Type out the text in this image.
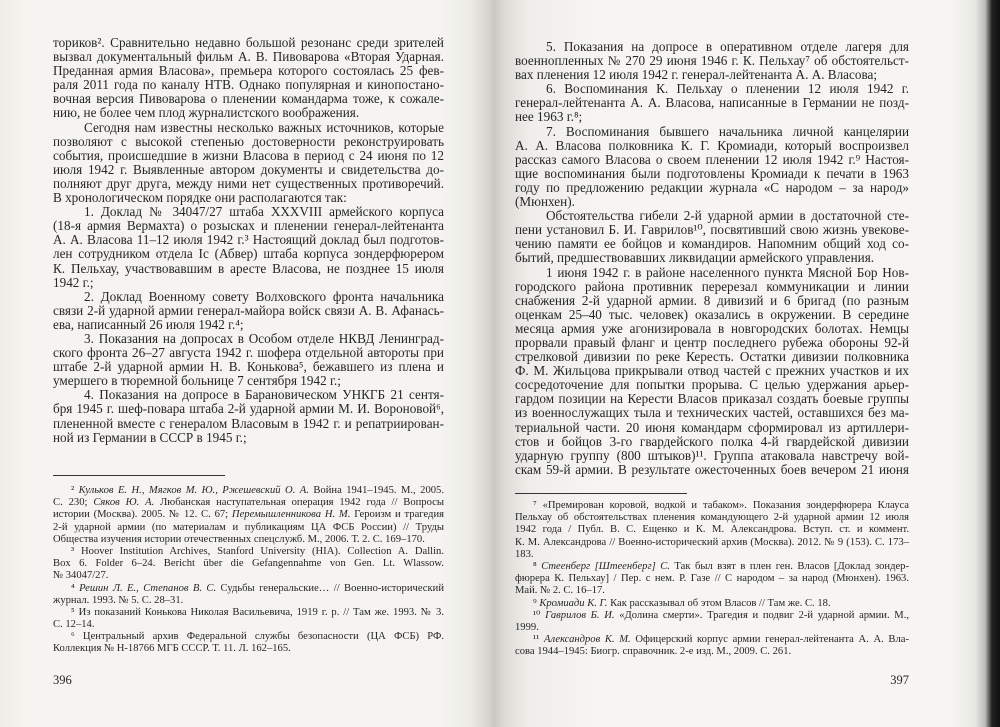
ториков². Сравнительно недавно большой резонанс среди зрителей
вызвал документальный фильм А. В. Пивоварова «Вторая Ударная.
Преданная армия Власова», премьера которого состоялась 25 фев-
раля 2011 года по каналу НТВ. Однако популярная и кинопостано-
вочная версия Пивоварова о пленении командарма тоже, к сожале-
нию, не более чем плод журналистского воображения.
Сегодня нам известны несколько важных источников, которые
позволяют с высокой степенью достоверности реконструировать
события, происшедшие в жизни Власова в период с 24 июня по 12
июля 1942 г. Выявленные автором документы и свидетельства до-
полняют друг друга, между ними нет существенных противоречий.
В хронологическом порядке они располагаются так:
1. Доклад № 34047/27 штаба XXXVIII армейского корпуса
(18-я армия Вермахта) о розысках и пленении генерал-лейтенанта
А. А. Власова 11–12 июля 1942 г.³ Настоящий доклад был подготов-
лен сотрудником отдела Ic (Абвер) штаба корпуса зондерфюрером
К. Пельхау, участвовавшим в аресте Власова, не позднее 15 июля
1942 г.;
2. Доклад Военному совету Волховского фронта начальника
связи 2-й ударной армии генерал-майора войск связи А. В. Афанась-
ева, написанный 26 июля 1942 г.⁴;
3. Показания на допросах в Особом отделе НКВД Ленинград-
ского фронта 26–27 августа 1942 г. шофера отдельной автороты при
штабе 2-й ударной армии Н. В. Конькова⁵, бежавшего из плена и
умершего в тюремной больнице 7 сентября 1942 г.;
4. Показания на допросе в Барановическом УНКГБ 21 сентя-
бря 1945 г. шеф-повара штаба 2-й ударной армии М. И. Вороновой⁶,
плененной вместе с генералом Власовым в 1942 г. и репатриирован-
ной из Германии в СССР в 1945 г.;
² Кульков Е. Н., Мягков М. Ю., Ржешевский О. А. Война 1941–1945. М., 2005.
С. 230; Сяков Ю. А. Любанская наступательная операция 1942 года // Вопросы
истории (Москва). 2005. № 12. С. 67; Перемышленникова Н. М. Героизм и трагедия
2-й ударной армии (по материалам и публикациям ЦА ФСБ России) // Труды
Общества изучения истории отечественных спецслужб. М., 2006. Т. 2. С. 169–170.
³ Hoover Institution Archives, Stanford University (HIA). Collection A. Dallin.
Box 6. Folder 6–24. Bericht über die Gefangennahme von Gen. Lt. Wlassow.
№ 34047/27.
⁴ Решин Л. Е., Степанов В. С. Судьбы генеральские… // Военно-исторический
журнал. 1993. № 5. С. 28–31.
⁵ Из показаний Конькова Николая Васильевича, 1919 г. р. // Там же. 1993. № 3.
С. 12–14.
⁶ Центральный архив Федеральной службы безопасности (ЦА ФСБ) РФ.
Коллекция № Н-18766 МГБ СССР. Т. 11. Л. 162–165.
396
5. Показания на допросе в оперативном отделе лагеря для
военнопленных № 270 29 июня 1946 г. К. Пельхау⁷ об обстоятельст-
вах пленения 12 июля 1942 г. генерал-лейтенанта А. А. Власова;
6. Воспоминания К. Пельхау о пленении 12 июля 1942 г.
генерал-лейтенанта А. А. Власова, написанные в Германии не позд-
нее 1963 г.⁸;
7. Воспоминания бывшего начальника личной канцелярии
А. А. Власова полковника К. Г. Кромиади, который воспроизвел
рассказ самого Власова о своем пленении 12 июля 1942 г.⁹ Настоя-
щие воспоминания были подготовлены Кромиади к печати в 1963
году по предложению редакции журнала «С народом – за народ»
(Мюнхен).
Обстоятельства гибели 2-й ударной армии в достаточной сте-
пени установил Б. И. Гаврилов¹⁰, посвятивший свою жизнь увекове-
чению памяти ее бойцов и командиров. Напомним общий ход со-
бытий, предшествовавших ликвидации армейского управления.
1 июня 1942 г. в районе населенного пункта Мясной Бор Нов-
городского района противник перерезал коммуникации и линии
снабжения 2-й ударной армии. 8 дивизий и 6 бригад (по разным
оценкам 25–40 тыс. человек) оказались в окружении. В середине
месяца армия уже агонизировала в новгородских болотах. Немцы
прорвали правый фланг и центр последнего рубежа обороны 92-й
стрелковой дивизии по реке Кересть. Остатки дивизии полковника
Ф. М. Жильцова прикрывали отвод частей с прежних участков и их
сосредоточение для попытки прорыва. С целью удержания арьер-
гардом позиции на Керести Власов приказал создать боевые группы
из военнослужащих тыла и технических частей, оставшихся без ма-
териальной части. 20 июня командарм сформировал из артиллери-
стов и бойцов 3-го гвардейского полка 4-й гвардейской дивизии
ударную группу (800 штыков)¹¹. Группа атаковала навстречу вой-
скам 59-й армии. В результате ожесточенных боев вечером 21 июня
⁷ «Премирован коровой, водкой и табаком». Показания зондерфюрера Клауса
Пельхау об обстоятельствах пленения командующего 2-й ударной армии 12 июля
1942 года / Публ. В. С. Ещенко и К. М. Александрова. Вступ. ст. и коммент.
К. М. Александрова // Военно-исторический архив (Москва). 2012. № 9 (153). С. 173–
183.
⁸ Стеенберг [Штеенберг] С. Так был взят в плен ген. Власов [Доклад зондер-
фюрера К. Пельхау] / Пер. с нем. Р. Газе // С народом – за народ (Мюнхен). 1963.
Май. № 2. С. 16–17.
⁹ Кромиади К. Г. Как рассказывал об этом Власов // Там же. С. 18.
¹⁰ Гаврилов Б. И. «Долина смерти». Трагедия и подвиг 2-й ударной армии. М.,
1999.
¹¹ Александров К. М. Офицерский корпус армии генерал-лейтенанта А. А. Вла-
сова 1944–1945: Биогр. справочник. 2-е изд. М., 2009. С. 261.
397
